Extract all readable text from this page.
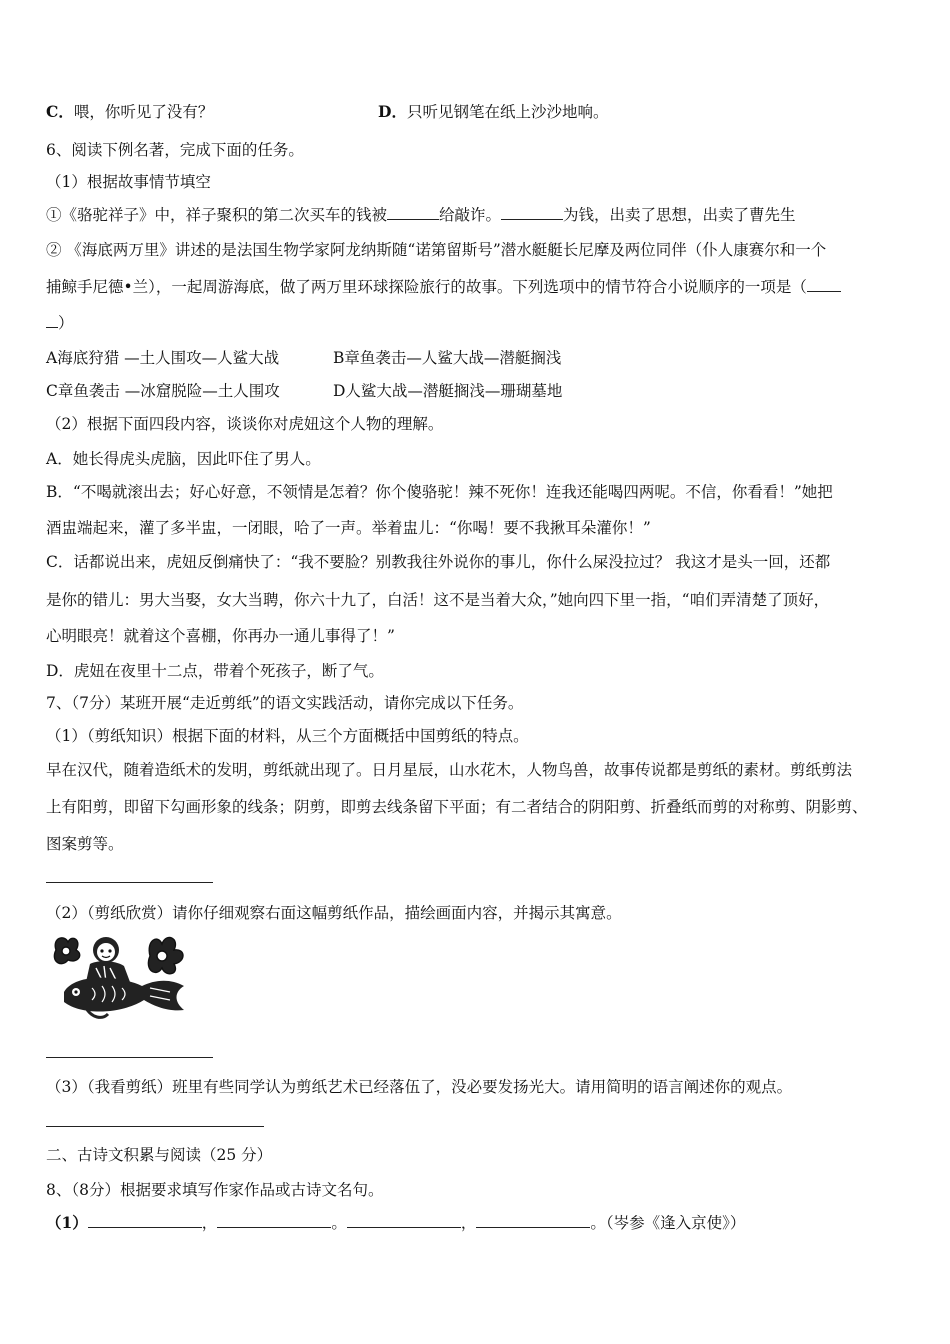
C．喂，你听见了没有？	D．只听见钢笔在纸上沙沙地响。
6、阅读下例名著，完成下面的任务。
（1）根据故事情节填空
①《骆驼祥子》中，祥子聚积的第二次买车的钱被	给敲诈。	为钱，出卖了思想，出卖了曹先生
② 《海底两万里》讲述的是法国生物学家阿龙纳斯随“诺第留斯号”潜水艇艇长尼摩及两位同伴（仆人康赛尔和一个
捕鲸手尼德•兰），一起周游海底，做了两万里环球探险旅行的故事。下列选项中的情节符合小说顺序的一项是（
）
A海底狩猎 —土人围攻—人鲨大战	B章鱼袭击—人鲨大战—潜艇搁浅
C章鱼袭击 —冰窟脱险—土人围攻	D人鲨大战—潜艇搁浅—珊瑚墓地
（2）根据下面四段内容，谈谈你对虎妞这个人物的理解。
A．她长得虎头虎脑，因此吓住了男人。
B．“不喝就滚出去；好心好意，不领情是怎着？你个傻骆驼！辣不死你！连我还能喝四两呢。不信，你看看！”她把
酒盅端起来，灌了多半盅，一闭眼，哈了一声。举着盅儿：“你喝！要不我揪耳朵灌你！”
C．话都说出来，虎妞反倒痛快了：“我不要脸？别教我往外说你的事儿，你什么屎没拉过？ 我这才是头一回，还都
是你的错儿：男大当娶，女大当聘，你六十九了，白活！这不是当着大众，”她向四下里一指，“咱们弄清楚了顶好，
心明眼亮！就着这个喜棚，你再办一通儿事得了！”
D．虎妞在夜里十二点，带着个死孩子，断了气。
7、（7分）某班开展“走近剪纸”的语文实践活动，请你完成以下任务。
（1）（剪纸知识）根据下面的材料，从三个方面概括中国剪纸的特点。
早在汉代，随着造纸术的发明，剪纸就出现了。日月星辰，山水花木，人物鸟兽，故事传说都是剪纸的素材。剪纸剪法
上有阳剪，即留下勾画形象的线条；阴剪，即剪去线条留下平面；有二者结合的阴阳剪、折叠纸而剪的对称剪、阴影剪、
图案剪等。
（2）（剪纸欣赏）请你仔细观察右面这幅剪纸作品，描绘画面内容，并揭示其寓意。
（3）（我看剪纸）班里有些同学认为剪纸艺术已经落伍了，没必要发扬光大。请用简明的语言阐述你的观点。
二、古诗文积累与阅读（25 分）
8、（8分）根据要求填写作家作品或古诗文名句。
（1）	，	。	，	。（岑参《逢入京使》）
